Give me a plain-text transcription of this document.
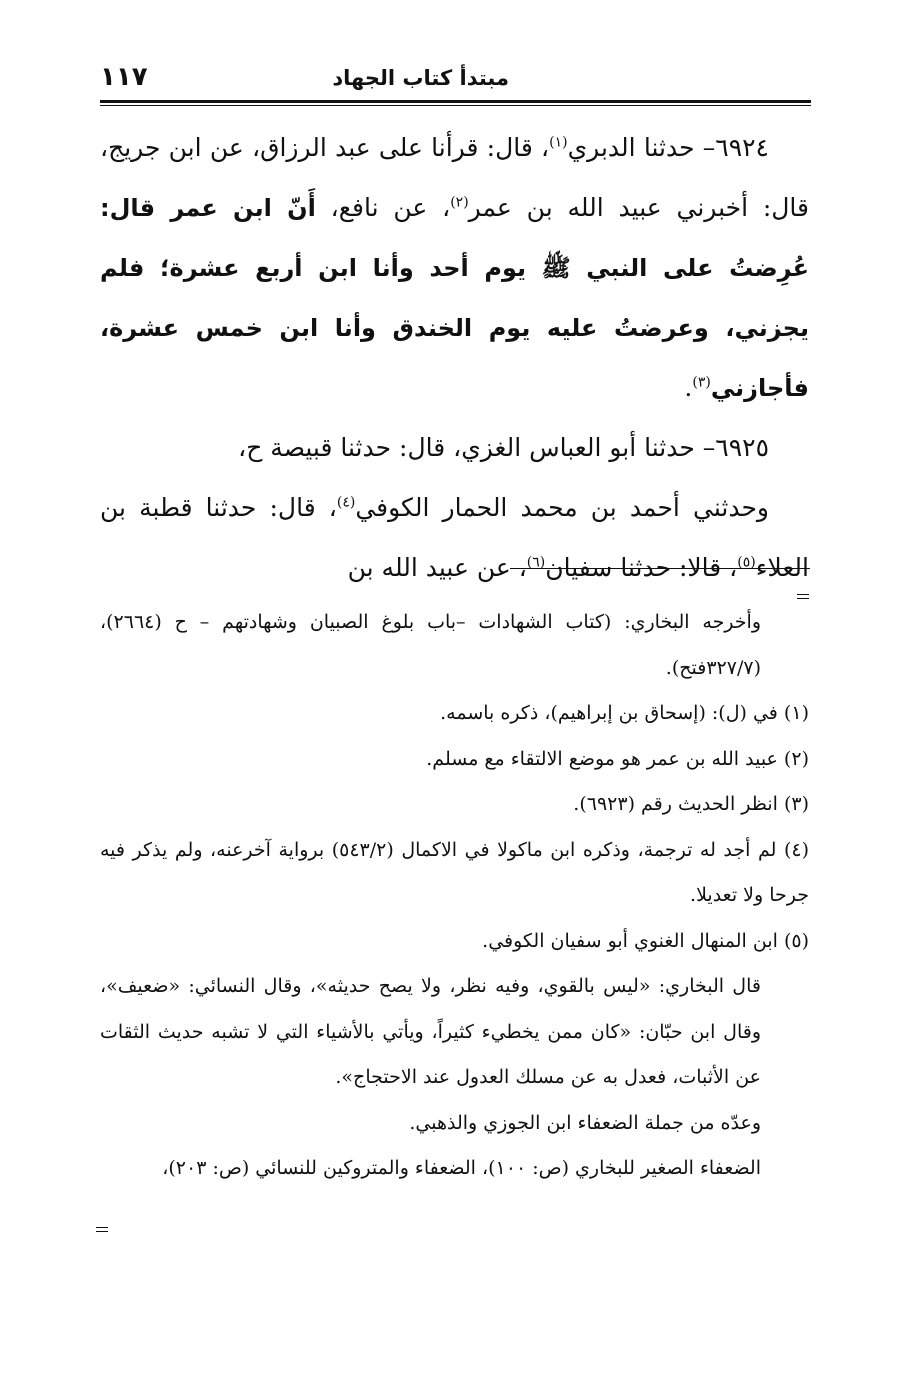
مبتدأ كتاب الجهاد
١١٧

٦٩٢٤– حدثنا الدبري$^{(١)}$، قال: قرأنا على عبد الرزاق، عن ابن جريج، قال: أخبرني عبيد الله بن عمر$^{(٢)}$، عن نافع، أَنّ ابن عمر قال: عُرِضتُ على النبي ﷺ يوم أحد وأنا ابن أربع عشرة؛ فلم يجزني، وعرضتُ عليه يوم الخندق وأنا ابن خمس عشرة، فأجازني$^{(٣)}$.

٦٩٢٥– حدثنا أبو العباس الغزي، قال: حدثنا قبيصة ح،

وحدثني أحمد بن محمد الحمار الكوفي$^{(٤)}$، قال: حدثنا قطبة بن العلاء$^{(٥)}$، قالا: حدثنا سفيان$^{(٦)}$، عن عبيد الله بن

وأخرجه البخاري: (كتاب الشهادات –باب بلوغ الصبيان وشهادتهم – ح (٢٦٦٤)، (٣٢٧/٧فتح).

(١) في (ل): (إسحاق بن إبراهيم)، ذكره باسمه.

(٢) عبيد الله بن عمر هو موضع الالتقاء مع مسلم.

(٣) انظر الحديث رقم (٦٩٢٣).

(٤) لم أجد له ترجمة، وذكره ابن ماكولا في الاكمال (٥٤٣/٢) برواية آخرعنه، ولم يذكر فيه جرحا ولا تعديلا.

(٥) ابن المنهال الغنوي أبو سفيان الكوفي.

قال البخاري: «ليس بالقوي، وفيه نظر، ولا يصح حديثه»، وقال النسائي: «ضعيف»، وقال ابن حبّان: «كان ممن يخطيء كثيراً، ويأتي بالأشياء التي لا تشبه حديث الثقات عن الأثبات، فعدل به عن مسلك العدول عند الاحتجاج».

وعدّه من جملة الضعفاء ابن الجوزي والذهبي.

الضعفاء الصغير للبخاري (ص: ١٠٠)، الضعفاء والمتروكين للنسائي (ص: ٢٠٣)،
